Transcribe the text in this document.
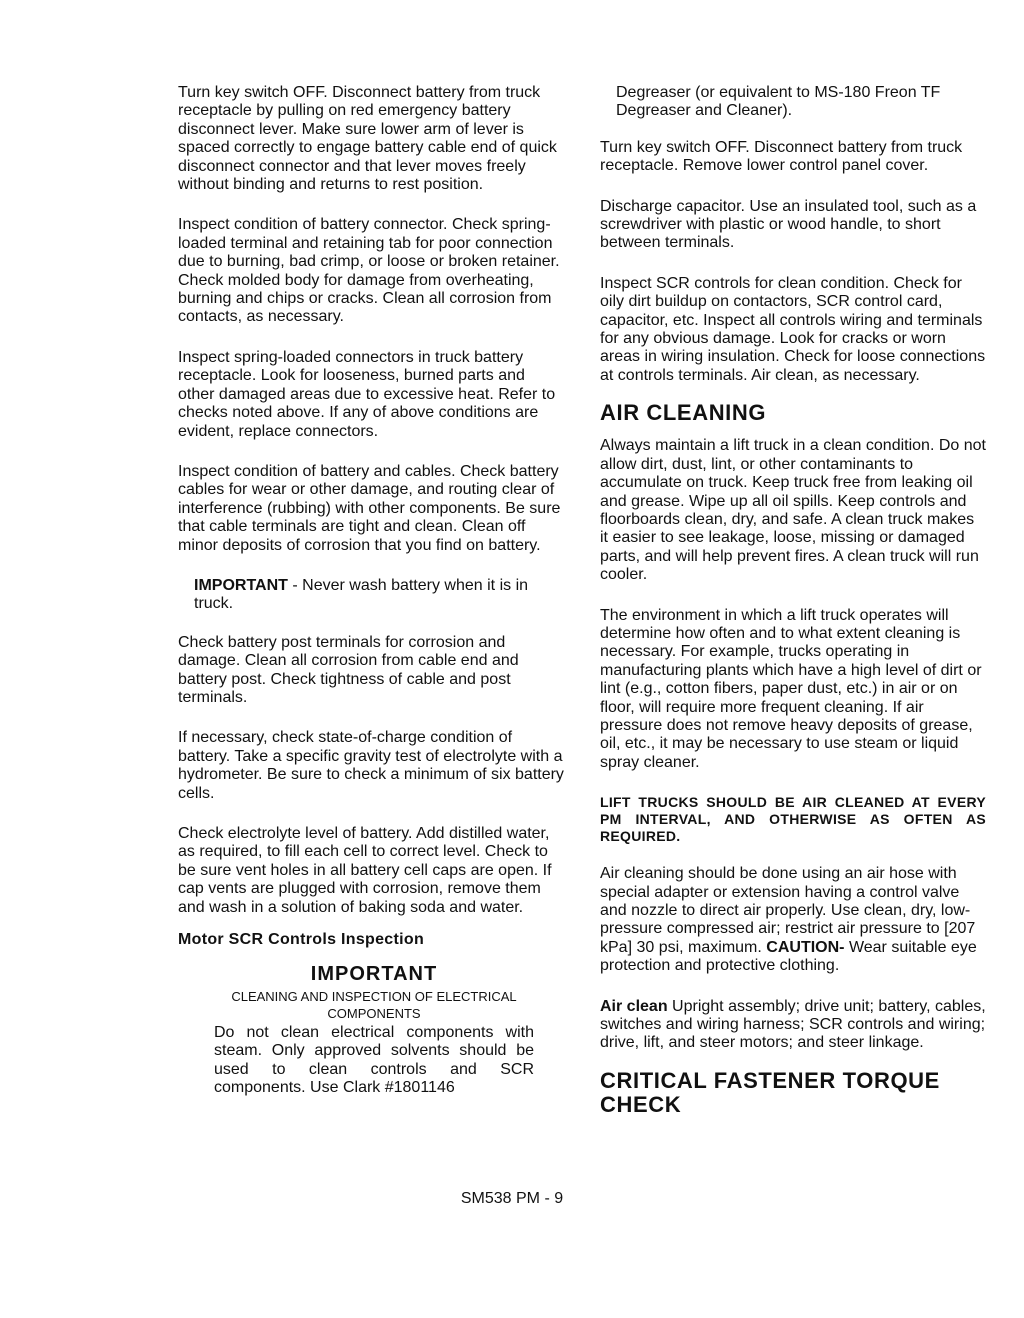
Turn key switch OFF. Disconnect battery from truck receptacle by pulling on red emergency battery disconnect lever. Make sure lower arm of lever is spaced correctly to engage battery cable end of quick disconnect connector and that lever moves freely without binding and returns to rest position.

Inspect condition of battery connector. Check spring-loaded terminal and retaining tab for poor connection due to burning, bad crimp, or loose or broken retainer. Check molded body for damage from overheating, burning and chips or cracks. Clean all corrosion from contacts, as necessary.

Inspect spring-loaded connectors in truck battery receptacle. Look for looseness, burned parts and other damaged areas due to excessive heat. Refer to checks noted above. If any of above conditions are evident, replace connectors.

Inspect condition of battery and cables. Check battery cables for wear or other damage, and routing clear of interference (rubbing) with other components. Be sure that cable terminals are tight and clean. Clean off minor deposits of corrosion that you find on battery.

IMPORTANT - Never wash battery when it is in truck.

Check battery post terminals for corrosion and damage. Clean all corrosion from cable end and battery post. Check tightness of cable and post terminals.

If necessary, check state-of-charge condition of battery. Take a specific gravity test of electrolyte with a hydrometer. Be sure to check a minimum of six battery cells.

Check electrolyte level of battery. Add distilled water, as required, to fill each cell to correct level. Check to be sure vent holes in all battery cell caps are open. If cap vents are plugged with corrosion, remove them and wash in a solution of baking soda and water.

Motor SCR Controls Inspection
IMPORTANT

CLEANING AND INSPECTION OF ELECTRICAL COMPONENTS

Do not clean electrical components with steam. Only approved solvents should be used to clean controls and SCR components. Use Clark #1801146

Degreaser (or equivalent to MS-180 Freon TF Degreaser and Cleaner).

Turn key switch OFF. Disconnect battery from truck receptacle. Remove lower control panel cover.

Discharge capacitor. Use an insulated tool, such as a screwdriver with plastic or wood handle, to short between terminals.

Inspect SCR controls for clean condition. Check for oily dirt buildup on contactors, SCR control card, capacitor, etc. Inspect all controls wiring and terminals for any obvious damage. Look for cracks or worn areas in wiring insulation. Check for loose connections at controls terminals. Air clean, as necessary.

AIR CLEANING

Always maintain a lift truck in a clean condition. Do not allow dirt, dust, lint, or other contaminants to accumulate on truck. Keep truck free from leaking oil and grease. Wipe up all oil spills. Keep controls and floorboards clean, dry, and safe. A clean truck makes it easier to see leakage, loose, missing or damaged parts, and will help prevent fires. A clean truck will run cooler.

The environment in which a lift truck operates will determine how often and to what extent cleaning is necessary. For example, trucks operating in manufacturing plants which have a high level of dirt or lint (e.g., cotton fibers, paper dust, etc.) in air or on floor, will require more frequent cleaning. If air pressure does not remove heavy deposits of grease, oil, etc., it may be necessary to use steam or liquid spray cleaner.

LIFT TRUCKS SHOULD BE AIR CLEANED AT EVERY PM INTERVAL, AND OTHERWISE AS OFTEN AS REQUIRED.

Air cleaning should be done using an air hose with special adapter or extension having a control valve and nozzle to direct air properly. Use clean, dry, low-pressure compressed air; restrict air pressure to [207 kPa] 30 psi, maximum. CAUTION- Wear suitable eye protection and protective clothing.

Air clean Upright assembly; drive unit; battery, cables, switches and wiring harness; SCR controls and wiring; drive, lift, and steer motors; and steer linkage.

CRITICAL FASTENER TORQUE CHECK
SM538 PM - 9
